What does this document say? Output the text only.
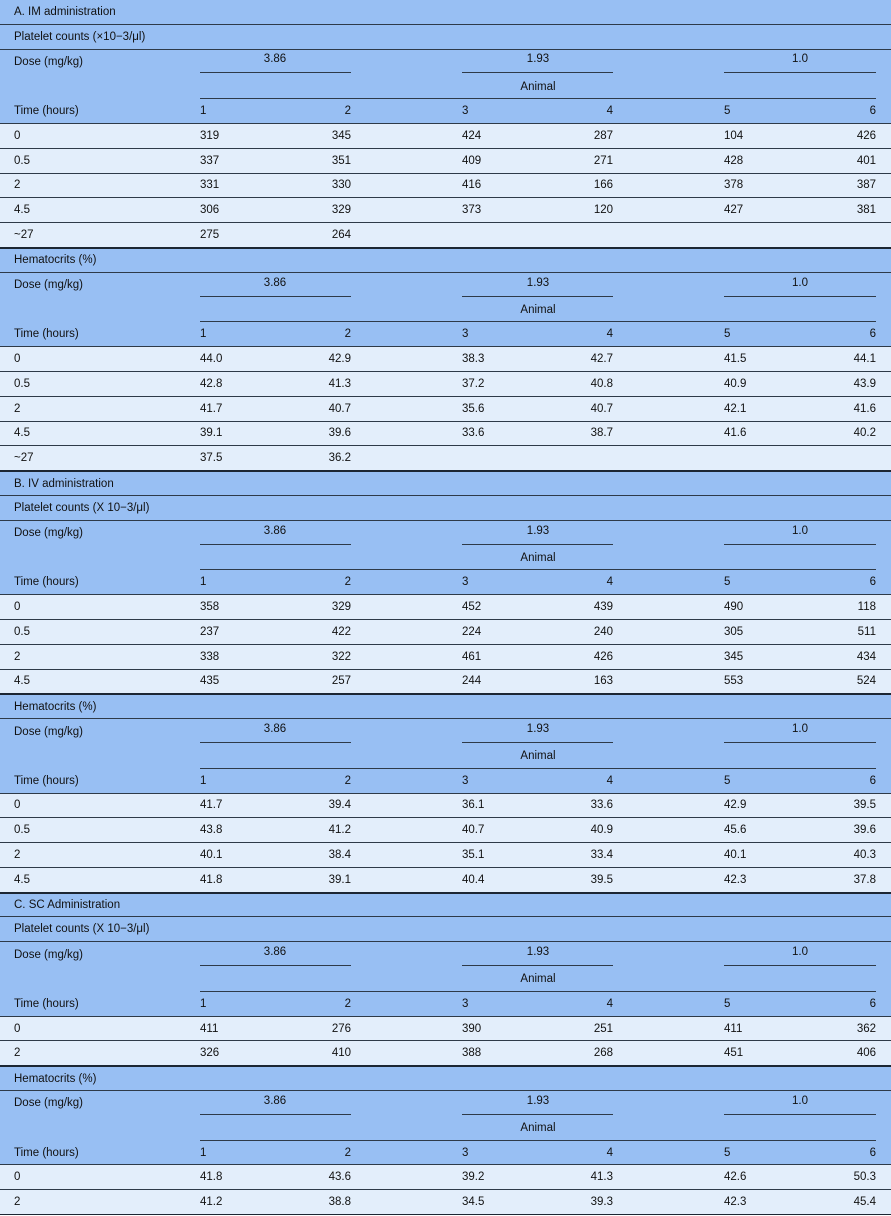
A. IM administration
Platelet counts (×10−3/μl)
Dose (mg/kg)	3.86	1.93	1.0
Animal
Time (hours)	1	2	3	4	5	6
0	319	345	424	287	104	426
0.5	337	351	409	271	428	401
2	331	330	416	166	378	387
4.5	306	329	373	120	427	381
~27	275	264
Hematocrits (%)
Dose (mg/kg)	3.86	1.93	1.0
Animal
Time (hours)	1	2	3	4	5	6
0	44.0	42.9	38.3	42.7	41.5	44.1
0.5	42.8	41.3	37.2	40.8	40.9	43.9
2	41.7	40.7	35.6	40.7	42.1	41.6
4.5	39.1	39.6	33.6	38.7	41.6	40.2
~27	37.5	36.2
B. IV administration
Platelet counts (X 10−3/μl)
Dose (mg/kg)	3.86	1.93	1.0
Animal
Time (hours)	1	2	3	4	5	6
0	358	329	452	439	490	118
0.5	237	422	224	240	305	511
2	338	322	461	426	345	434
4.5	435	257	244	163	553	524
Hematocrits (%)
Dose (mg/kg)	3.86	1.93	1.0
Animal
Time (hours)	1	2	3	4	5	6
0	41.7	39.4	36.1	33.6	42.9	39.5
0.5	43.8	41.2	40.7	40.9	45.6	39.6
2	40.1	38.4	35.1	33.4	40.1	40.3
4.5	41.8	39.1	40.4	39.5	42.3	37.8
C. SC Administration
Platelet counts (X 10−3/μl)
Dose (mg/kg)	3.86	1.93	1.0
Animal
Time (hours)	1	2	3	4	5	6
0	411	276	390	251	411	362
2	326	410	388	268	451	406
Hematocrits (%)
Dose (mg/kg)	3.86	1.93	1.0
Animal
Time (hours)	1	2	3	4	5	6
0	41.8	43.6	39.2	41.3	42.6	50.3
2	41.2	38.8	34.5	39.3	42.3	45.4
